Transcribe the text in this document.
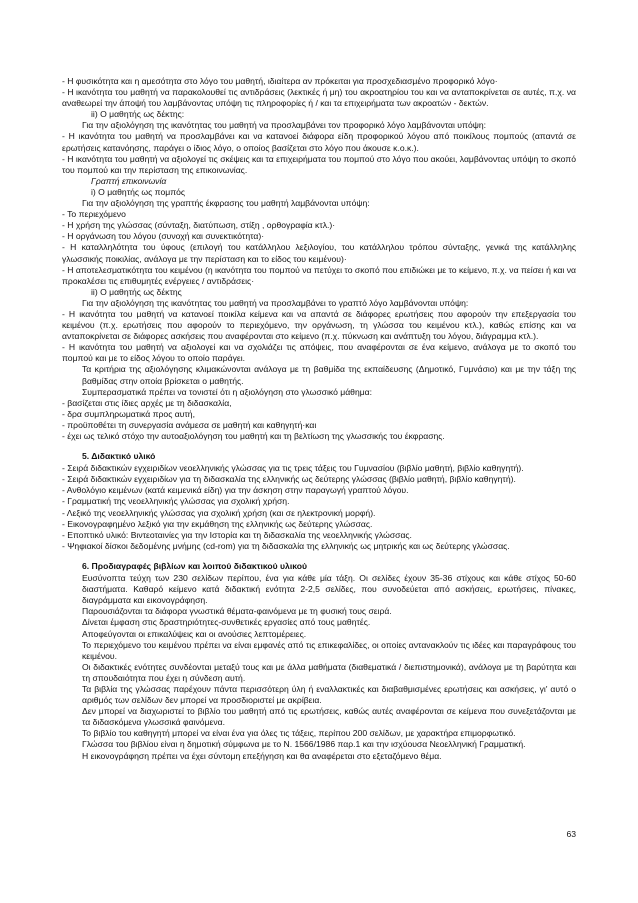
- Η φυσικότητα και η αμεσότητα στο λόγο του μαθητή, ιδιαίτερα αν πρόκειται για προσχεδιασμένο προφορικό λόγο·
- Η ικανότητα του μαθητή να παρακολουθεί τις αντιδράσεις (λεκτικές ή μη) του ακροατηρίου του και να ανταποκρίνεται σε αυτές, π.χ. να αναθεωρεί την άποψή του λαμβάνοντας υπόψη τις πληροφορίες ή / και τα επιχειρήματα των ακροατών - δεκτών.
ii) Ο μαθητής ως δέκτης:
Για την αξιολόγηση της ικανότητας του μαθητή να προσλαμβάνει τον προφορικό λόγο λαμβάνονται υπόψη:
- Η ικανότητα του μαθητή να προσλαμβάνει και να κατανοεί διάφορα είδη προφορικού λόγου από ποικίλους πομπούς (απαντά σε ερωτήσεις κατανόησης, παράγει ο ίδιος λόγο, ο οποίος βασίζεται στο λόγο που άκουσε κ.ο.κ.).
- Η ικανότητα του μαθητή να αξιολογεί τις σκέψεις και τα επιχειρήματα του πομπού στο λόγο που ακούει, λαμβάνοντας υπόψη το σκοπό του πομπού και την περίσταση της επικοινωνίας.
Γραπτή επικοινωνία
i) Ο μαθητής ως πομπός
Για την αξιολόγηση της γραπτής έκφρασης του μαθητή λαμβάνονται υπόψη:
- Το περιεχόμενο
- Η χρήση της γλώσσας (σύνταξη, διατύπωση, στίξη , ορθογραφία κτλ.)·
- Η οργάνωση του λόγου (συνοχή και συνεκτικότητα)·
- Η καταλληλότητα του ύφους (επιλογή του κατάλληλου λεξιλογίου, του κατάλληλου τρόπου σύνταξης, γενικά της κατάλληλης γλωσσικής ποικιλίας, ανάλογα με την περίσταση και το είδος του κειμένου)·
- Η αποτελεσματικότητα του κειμένου (η ικανότητα του πομπού να πετύχει το σκοπό που επιδιώκει με το κείμενο, π.χ. να πείσει ή και να προκαλέσει τις επιθυμητές ενέργειες / αντιδράσεις·
ii) Ο μαθητής ως δέκτης
Για την αξιολόγηση της ικανότητας του μαθητή να προσλαμβάνει το γραπτό λόγο λαμβάνονται υπόψη:
- Η ικανότητα του μαθητή να κατανοεί ποικίλα κείμενα και να απαντά σε διάφορες ερωτήσεις που αφορούν την επεξεργασία του κειμένου (π.χ. ερωτήσεις που αφορούν το περιεχόμενο, την οργάνωση, τη γλώσσα του κειμένου κτλ.), καθώς επίσης και να ανταποκρίνεται σε διάφορες ασκήσεις που αναφέρονται στο κείμενο (π.χ. πύκνωση και ανάπτυξη του λόγου, διάγραμμα κτλ.).
- Η ικανότητα του μαθητή να αξιολογεί και να σχολιάζει τις απόψεις, που αναφέρονται σε ένα κείμενο, ανάλογα με το σκοπό του πομπού και με το είδος λόγου το οποίο παράγει.
Τα κριτήρια της αξιολόγησης κλιμακώνονται ανάλογα με τη βαθμίδα της εκπαίδευσης (Δημοτικό, Γυμνάσιο) και με την τάξη της βαθμίδας στην οποία βρίσκεται ο μαθητής.
Συμπερασματικά πρέπει να τονιστεί ότι η αξιολόγηση στο γλωσσικό μάθημα:
- βασίζεται στις ίδιες αρχές με τη διδασκαλία,
- δρα συμπληρωματικά προς αυτή,
- προϋποθέτει τη συνεργασία ανάμεσα σε μαθητή και καθηγητή·και
- έχει ως τελικό στόχο την αυτοαξιολόγηση του μαθητή και τη βελτίωση της γλωσσικής του έκφρασης.
5. Διδακτικό υλικό
- Σειρά διδακτικών εγχειριδίων νεοελληνικής γλώσσας για τις τρεις τάξεις του Γυμνασίου (βιβλίο μαθητή, βιβλίο καθηγητή).
- Σειρά διδακτικών εγχειριδίων για τη διδασκαλία της ελληνικής ως δεύτερης γλώσσας (βιβλίο μαθητή, βιβλίο καθηγητή).
- Ανθολόγιο κειμένων (κατά κειμενικά είδη) για την άσκηση στην παραγωγή γραπτού λόγου.
- Γραμματική της νεοελληνικής γλώσσας για σχολική χρήση.
- Λεξικό της νεοελληνικής γλώσσας για σχολική χρήση (και σε ηλεκτρονική μορφή).
- Εικονογραφημένο λεξικό για την εκμάθηση της ελληνικής ως δεύτερης γλώσσας.
- Εποπτικό υλικό: Βιντεοταινίες για την Ιστορία και τη διδασκαλία της νεοελληνικής γλώσσας.
- Ψηφιακοί δίσκοι δεδομένης μνήμης (cd-rom) για τη διδασκαλία της ελληνικής ως μητρικής και ως δεύτερης γλώσσας.
6. Προδιαγραφές βιβλίων και λοιπού διδακτικού υλικού
Ευσύνοπτα τεύχη των 230 σελίδων περίπου, ένα για κάθε μία τάξη. Οι σελίδες έχουν 35-36 στίχους και κάθε στίχος 50-60 διαστήματα. Καθαρό κείμενο κατά διδακτική ενότητα 2-2,5 σελίδες, που συνοδεύεται από ασκήσεις, ερωτήσεις, πίνακες, διαγράμματα και εικονογράφηση.
Παρουσιάζονται τα διάφορα γνωστικά θέματα-φαινόμενα με τη φυσική τους σειρά.
Δίνεται έμφαση στις δραστηριότητες-συνθετικές εργασίες από τους μαθητές.
Αποφεύγονται οι επικαλύψεις και οι ανούσιες λεπτομέρειες.
Το περιεχόμενο του κειμένου πρέπει να είναι εμφανές από τις επικεφαλίδες, οι οποίες αντανακλούν τις ιδέες και παραγράφους του κειμένου.
Οι διδακτικές ενότητες συνδέονται μεταξύ τους και με άλλα μαθήματα (διαθεματικά / διεπιστημονικά), ανάλογα με τη βαρύτητα και τη σπουδαιότητα που έχει η σύνδεση αυτή.
Τα βιβλία της γλώσσας παρέχουν πάντα περισσότερη ύλη ή εναλλακτικές και διαβαθμισμένες ερωτήσεις και ασκήσεις, γι' αυτό ο αριθμός των σελίδων δεν μπορεί να προσδιοριστεί με ακρίβεια.
Δεν μπορεί να διαχωριστεί το βιβλίο του μαθητή από τις ερωτήσεις, καθώς αυτές αναφέρονται σε κείμενα που συνεξετάζονται με τα διδασκόμενα γλωσσικά φαινόμενα.
Το βιβλίο του καθηγητή μπορεί να είναι ένα για όλες τις τάξεις, περίπου 200 σελίδων, με χαρακτήρα επιμορφωτικό.
Γλώσσα του βιβλίου είναι η δημοτική σύμφωνα με το Ν. 1566/1986 παρ.1 και την ισχύουσα Νεοελληνική Γραμματική.
Η εικονογράφηση πρέπει να έχει σύντομη επεξήγηση και θα αναφέρεται στο εξεταζόμενο θέμα.
63
